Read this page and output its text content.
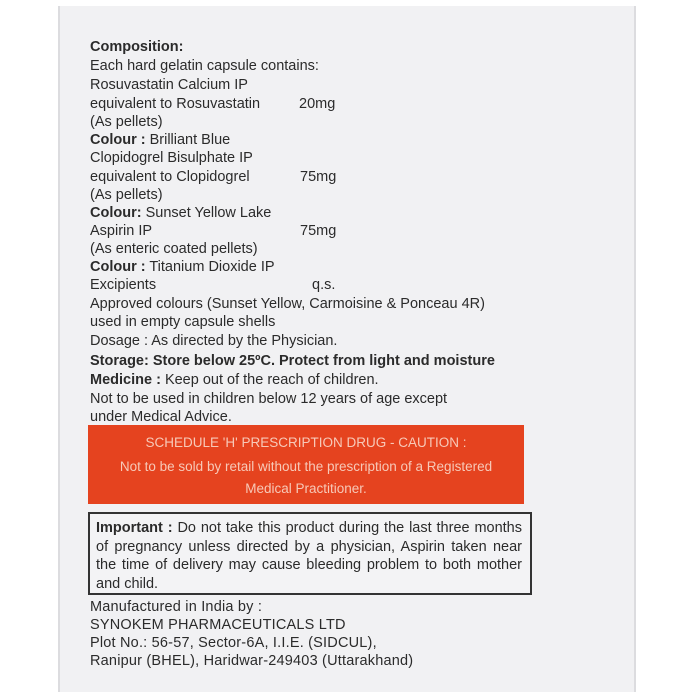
Composition:
Each hard gelatin capsule contains:
Rosuvastatin Calcium IP
equivalent to Rosuvastatin	20mg
(As pellets)
Colour : Brilliant Blue
Clopidogrel Bisulphate IP
equivalent to Clopidogrel	75mg
(As pellets)
Colour: Sunset Yellow Lake
Aspirin IP	75mg
(As enteric coated pellets)
Colour : Titanium Dioxide IP
Excipients	q.s.
Approved colours (Sunset Yellow, Carmoisine & Ponceau 4R)
used in empty capsule shells
Dosage : As directed by the Physician.
Storage: Store below 25ºC. Protect from light and moisture
Medicine : Keep out of the reach of children.
Not to be used in children below 12 years of age except
under Medical Advice.
SCHEDULE 'H' PRESCRIPTION DRUG - CAUTION :
Not to be sold by retail without the prescription of a Registered
Medical Practitioner.
Important : Do not take this product during the last three months of pregnancy unless directed by a physician, Aspirin taken near the time of delivery may cause bleeding problem to both mother and child.
Manufactured in India by :
SYNOKEM PHARMACEUTICALS LTD
Plot No.: 56-57, Sector-6A, I.I.E. (SIDCUL),
Ranipur (BHEL), Haridwar-249403 (Uttarakhand)
